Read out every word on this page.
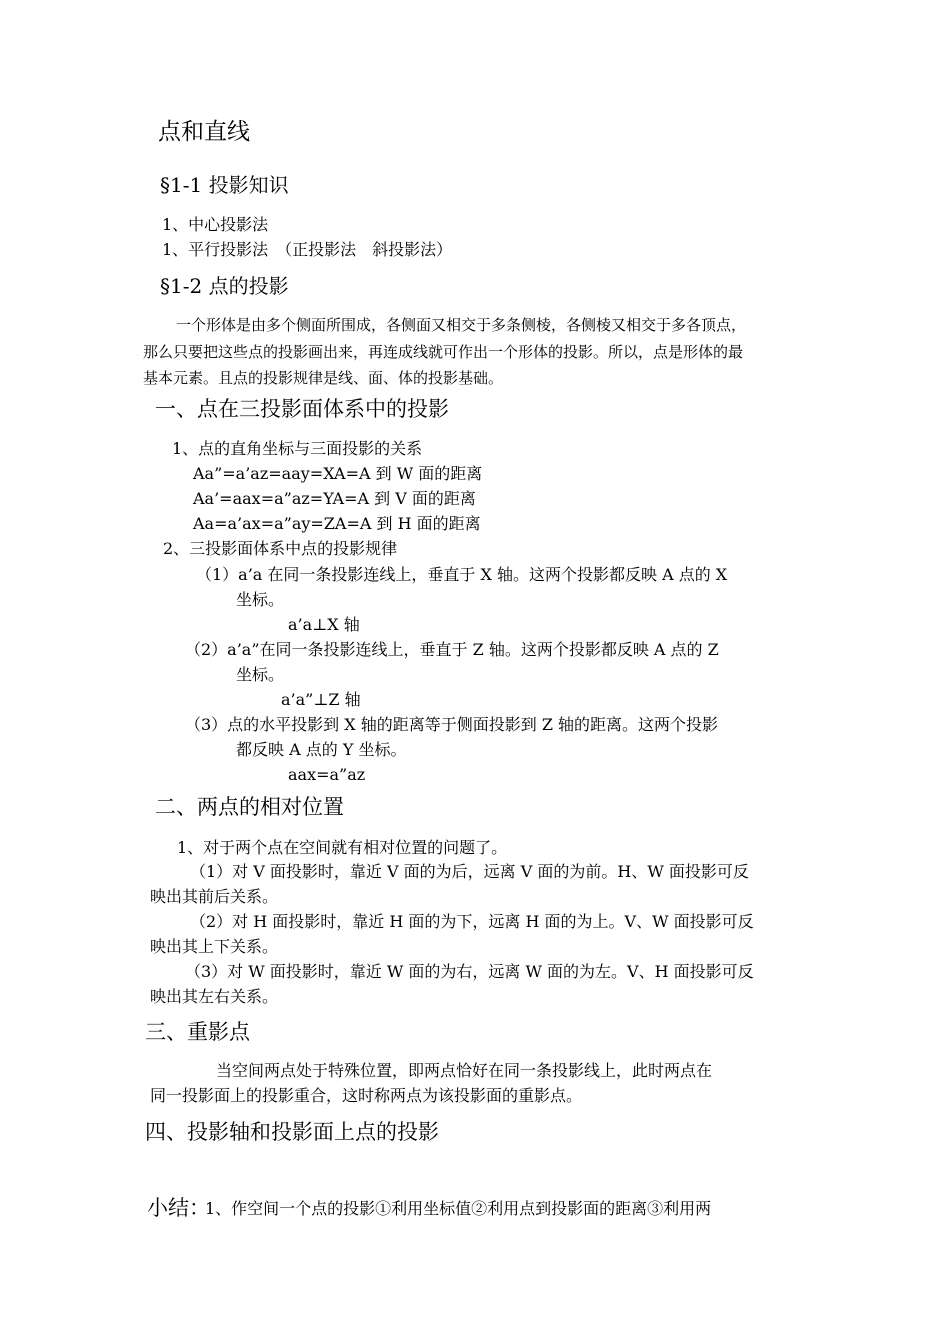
点和直线
§1-1 投影知识
1、中心投影法
1、平行投影法　（正投影法　斜投影法）
§1-2 点的投影
一个形体是由多个侧面所围成，各侧面又相交于多条侧棱，各侧棱又相交于多各顶点，
那么只要把这些点的投影画出来，再连成线就可作出一个形体的投影。所以，点是形体的最
基本元素。且点的投影规律是线、面、体的投影基础。
一、点在三投影面体系中的投影
1、点的直角坐标与三面投影的关系
Aa”=a’az=aay=XA=A 到 W 面的距离
Aa’=aax=a”az=YA=A 到 V 面的距离
Aa=a’ax=a”ay=ZA=A 到 H 面的距离
2、三投影面体系中点的投影规律
（1）a’a 在同一条投影连线上，垂直于 X 轴。这两个投影都反映 A 点的 X
坐标。
a’a⊥X 轴
（2）a’a”在同一条投影连线上，垂直于 Z 轴。这两个投影都反映 A 点的 Z
坐标。
a’a”⊥Z 轴
（3）点的水平投影到 X 轴的距离等于侧面投影到 Z 轴的距离。这两个投影
都反映 A 点的 Y 坐标。
aax=a”az
二、两点的相对位置
1、对于两个点在空间就有相对位置的问题了。
（1）对 V 面投影时，靠近 V 面的为后，远离 V 面的为前。H、W 面投影可反
映出其前后关系。
（2）对 H 面投影时，靠近 H 面的为下，远离 H 面的为上。V、W 面投影可反
映出其上下关系。
（3）对 W 面投影时，靠近 W 面的为右，远离 W 面的为左。V、H 面投影可反
映出其左右关系。
三、重影点
当空间两点处于特殊位置，即两点恰好在同一条投影线上，此时两点在
同一投影面上的投影重合，这时称两点为该投影面的重影点。
四、投影轴和投影面上点的投影
小结：
1、作空间一个点的投影①利用坐标值②利用点到投影面的距离③利用两
